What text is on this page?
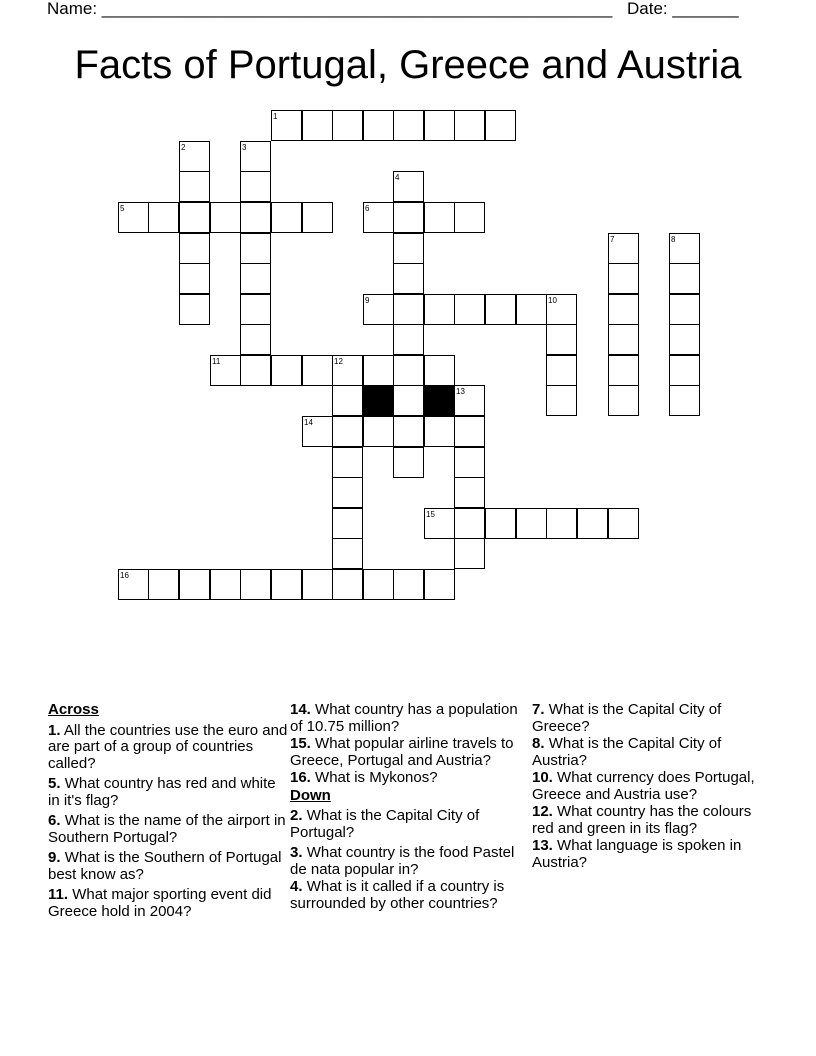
Name: ______________________________________________________ Date: _______
Facts of Portugal, Greece and Austria
1
2	3
4
5	6
7	8
9	10
11	12
13
14
15
16
Across
1. All the countries use the euro and are part of a group of countries called?
5. What country has red and white in it's flag?
6. What is the name of the airport in Southern Portugal?
9. What is the Southern of Portugal best know as?
11. What major sporting event did Greece hold in 2004?
14. What country has a population of 10.75 million?
15. What popular airline travels to Greece, Portugal and Austria?
16. What is Mykonos?
Down
2. What is the Capital City of Portugal?
3. What country is the food Pastel de nata popular in?
4. What is it called if a country is surrounded by other countries?
7. What is the Capital City of Greece?
8. What is the Capital City of Austria?
10. What currency does Portugal, Greece and Austria use?
12. What country has the colours red and green in its flag?
13. What language is spoken in Austria?
